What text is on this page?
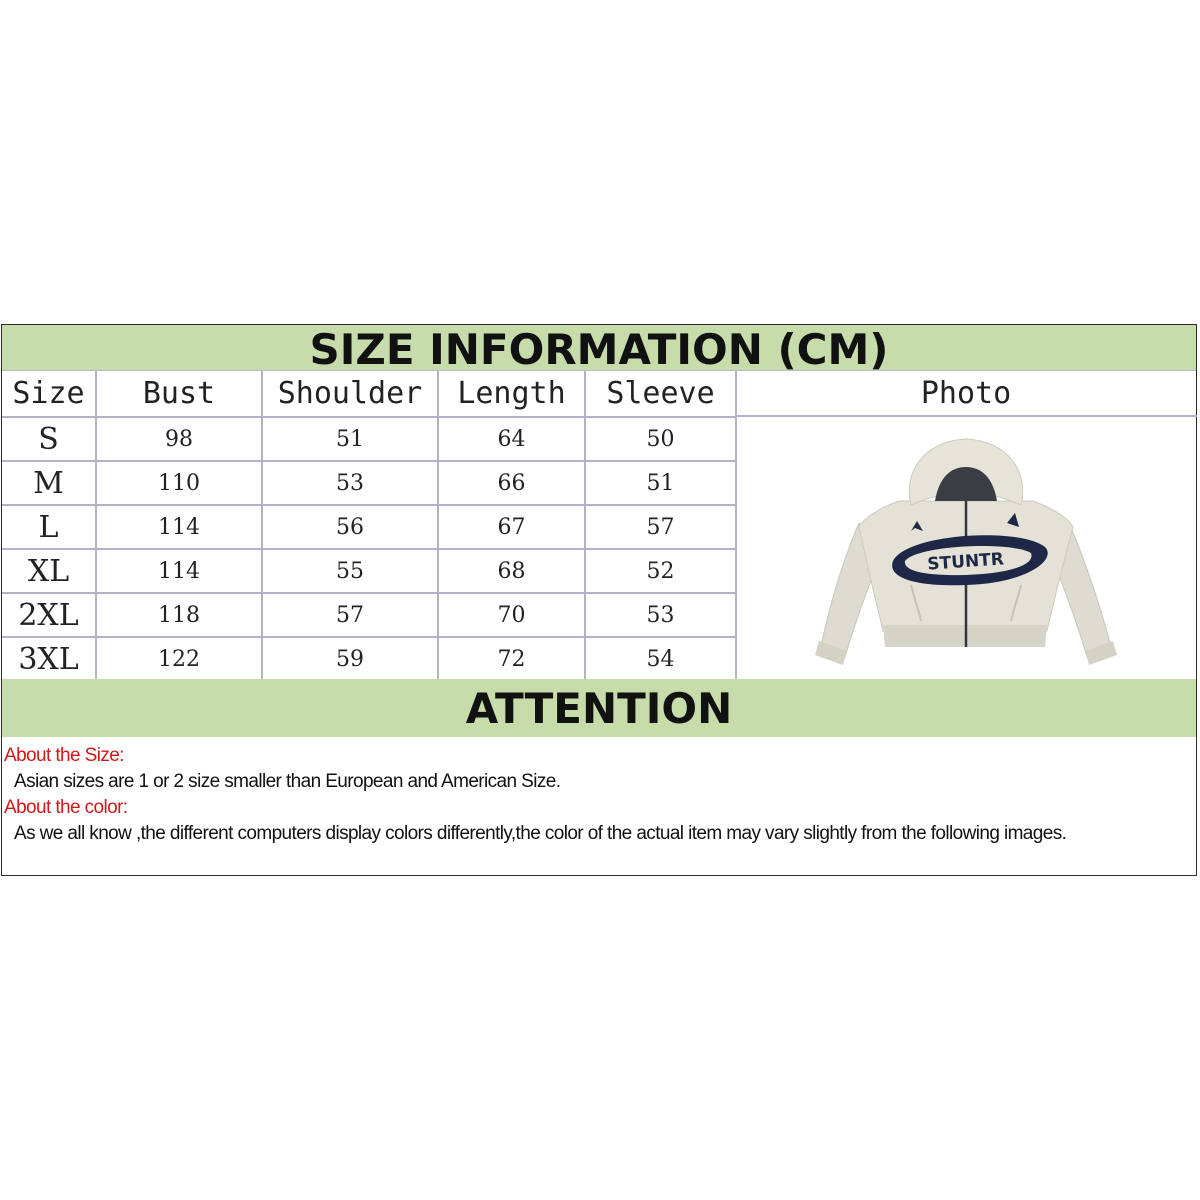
SIZE INFORMATION (CM)
Size	Bust	Shoulder	Length	Sleeve
S	98	51	64	50
M	110	53	66	51
L	114	56	67	57
XL	114	55	68	52
2XL	118	57	70	53
3XL	122	59	72	54
Photo
STUNTR
ATTENTION
About the Size:
Asian sizes are 1 or 2 size smaller than European and American Size.
About the color:
As we all know ,the different computers display colors differently,the color of the actual item may vary slightly from the following images.
